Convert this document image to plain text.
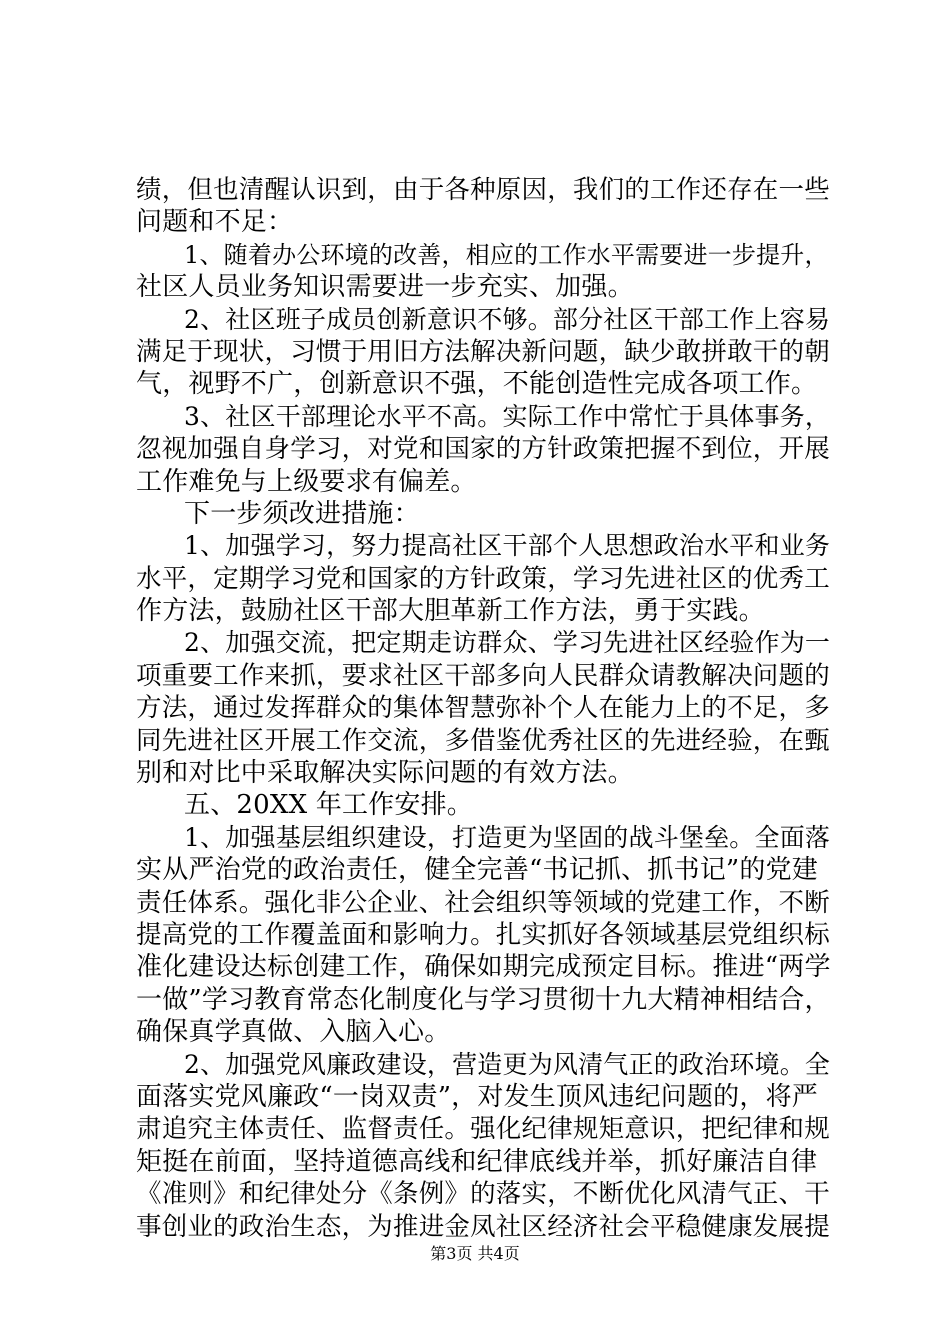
绩，但也清醒认识到，由于各种原因，我们的工作还存在一些
问题和不足：
1、随着办公环境的改善，相应的工作水平需要进一步提升，
社区人员业务知识需要进一步充实、加强。
2、社区班子成员创新意识不够。部分社区干部工作上容易
满足于现状，习惯于用旧方法解决新问题，缺少敢拼敢干的朝
气，视野不广，创新意识不强，不能创造性完成各项工作。
3、社区干部理论水平不高。实际工作中常忙于具体事务，
忽视加强自身学习，对党和国家的方针政策把握不到位，开展
工作难免与上级要求有偏差。
下一步须改进措施：
1、加强学习，努力提高社区干部个人思想政治水平和业务
水平，定期学习党和国家的方针政策，学习先进社区的优秀工
作方法，鼓励社区干部大胆革新工作方法，勇于实践。
2、加强交流，把定期走访群众、学习先进社区经验作为一
项重要工作来抓，要求社区干部多向人民群众请教解决问题的
方法，通过发挥群众的集体智慧弥补个人在能力上的不足，多
同先进社区开展工作交流，多借鉴优秀社区的先进经验，在甄
别和对比中采取解决实际问题的有效方法。
五、20XX 年工作安排。
1、加强基层组织建设，打造更为坚固的战斗堡垒。全面落
实从严治党的政治责任，健全完善“书记抓、抓书记”的党建
责任体系。强化非公企业、社会组织等领域的党建工作，不断
提高党的工作覆盖面和影响力。扎实抓好各领域基层党组织标
准化建设达标创建工作，确保如期完成预定目标。推进“两学
一做”学习教育常态化制度化与学习贯彻十九大精神相结合，
确保真学真做、入脑入心。
2、加强党风廉政建设，营造更为风清气正的政治环境。全
面落实党风廉政“一岗双责”，对发生顶风违纪问题的，将严
肃追究主体责任、监督责任。强化纪律规矩意识，把纪律和规
矩挺在前面，坚持道德高线和纪律底线并举，抓好廉洁自律
《准则》和纪律处分《条例》的落实，不断优化风清气正、干
事创业的政治生态，为推进金凤社区经济社会平稳健康发展提
第3页 共4页
